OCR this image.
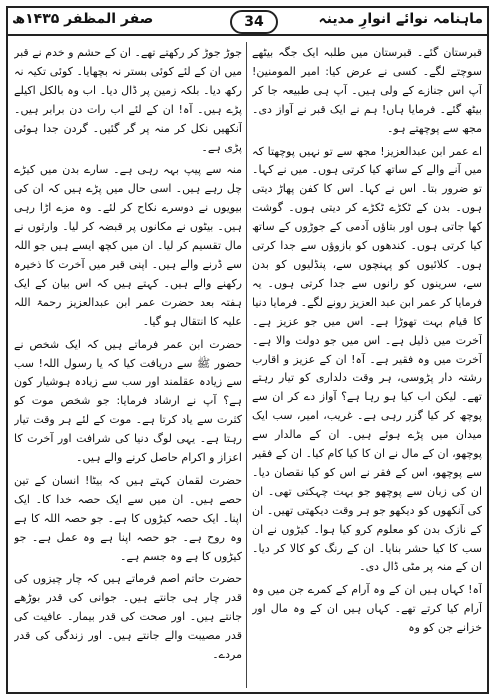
ماہنامہ نوائے انوارِ مدینہ
34
صفر المظفر ۱۴۳۵ھ

قبرستان گئے۔ قبرستان میں طلبہ ایک جگہ بیٹھے سوچتے لگے۔ کسی نے عرض کیا: امیر المومنین! آپ اس جنازے کے ولی ہیں۔ آپ ہی طبیعہ جا کر بیٹھ گئے۔ فرمایا ہاں! ہم نے ایک قبر نے آواز دی۔ مجھ سے پوچھتے ہو۔

اے عمر ابن عبدالعزیز! مجھ سے تو نہیں پوچھتا کہ میں آنے والے کے ساتھ کیا کرتی ہوں۔ میں نے کہا۔ تو ضرور بتا۔ اس نے کہا۔ اس کا کفن پھاڑ دیتی ہوں۔ بدن کے ٹکڑے ٹکڑے کر دیتی ہوں۔ گوشت کھا جاتی ہوں اور بتاؤں آدمی کے جوڑوں کے ساتھ کیا کرتی ہوں۔ کندھوں کو بازوؤں سے جدا کرتی ہوں۔ کلائیوں کو پہنچوں سے، پنڈلیوں کو بدن سے، سرینوں کو رانوں سے جدا کرتی ہوں۔ یہ فرمایا کر عمر ابن عبد العزیز رونے لگے۔ فرمایا دنیا کا قیام بہت تھوڑا ہے۔ اس میں جو عزیز ہے۔ آخرت میں ذلیل ہے۔ اس میں جو دولت والا ہے۔ آخرت میں وہ فقیر ہے۔ آہ! ان کے عزیز و اقارب رشتہ دار پڑوسی، ہر وقت دلداری کو تیار رہتے تھے۔ لیکن اب کیا ہو رہا ہے؟ آواز دے کر ان سے پوچھ کر کیا گزر رہی ہے۔ غریب، امیر، سب ایک میدان میں پڑے ہوئے ہیں۔ ان کے مالدار سے پوچھو، ان کے مال نے ان کا کیا کام کیا۔ ان کے فقیر سے پوچھو، اس کے فقر نے اس کو کیا نقصان دیا۔ ان کی زبان سے پوچھو جو بہت چہکتی تھی۔ ان کی آنکھوں کو دیکھو جو ہر وقت دیکھتی تھیں۔ ان کے نازک بدن کو معلوم کرو کیا ہوا۔ کیڑوں نے ان سب کا کیا حشر بنایا۔ ان کے رنگ کو کالا کر دیا۔ ان کے منہ پر مٹی ڈال دی۔

آہ! کہاں ہیں ان کے وہ آرام کے کمرے جن میں وہ آرام کیا کرتے تھے۔ کہاں ہیں ان کے وہ مال اور خزانے جن کو وہ

جوڑ جوڑ کر رکھتے تھے۔ ان کے حشم و خدم نے قبر میں ان کے لئے کوئی بستر نہ بچھایا۔ کوئی تکیہ نہ رکھ دیا۔ بلکہ زمین پر ڈال دیا۔ اب وہ بالکل اکیلے پڑے ہیں۔ آہ! ان کے لئے اب رات دن برابر ہیں۔ آنکھیں نکل کر منہ پر گر گئیں۔ گردن جدا ہوئی پڑی ہے۔

منہ سے پیپ بہہ رہی ہے۔ سارے بدن میں کیڑے چل رہے ہیں۔ اسی حال میں پڑے ہیں کہ ان کی بیویوں نے دوسرے نکاح کر لئے۔ وہ مزے اڑا رہی ہیں۔ بیٹوں نے مکانوں پر قبضہ کر لیا۔ وارثوں نے مال تقسیم کر لیا۔ ان میں کچھ ایسے ہیں جو اللہ سے ڈرنے والے ہیں۔ اپنی قبر میں آخرت کا ذخیرہ رکھنے والے ہیں۔ کہتے ہیں کہ اس بیان کے ایک ہفتہ بعد حضرت عمر ابن عبدالعزیز رحمۃ اللہ علیہ کا انتقال ہو گیا۔

حضرت ابن عمر فرماتے ہیں کہ ایک شخص نے حضور ﷺ سے دریافت کیا کہ یا رسول اللہ! سب سے زیادہ عقلمند اور سب سے زیادہ ہوشیار کون ہے؟ آپ نے ارشاد فرمایا: جو شخص موت کو کثرت سے یاد کرتا ہے۔ موت کے لئے ہر وقت تیار رہتا ہے۔ یہی لوگ دنیا کی شرافت اور آخرت کا اعزاز و اکرام حاصل کرنے والے ہیں۔

حضرت لقمان کہتے ہیں کہ بیٹا! انسان کے تین حصے ہیں۔ ان میں سے ایک حصہ خدا کا۔ ایک اپنا۔ ایک حصہ کیڑوں کا ہے۔ جو حصہ اللہ کا ہے وہ روح ہے۔ جو حصہ اپنا ہے وہ عمل ہے۔ جو کیڑوں کا ہے وہ جسم ہے۔

حضرت حاتم اصم فرماتے ہیں کہ چار چیزوں کی قدر چار ہی جانتے ہیں۔ جوانی کی قدر بوڑھے جانتے ہیں۔ اور صحت کی قدر بیمار۔ عافیت کی قدر مصیبت والے جانتے ہیں۔ اور زندگی کی قدر مردے۔
